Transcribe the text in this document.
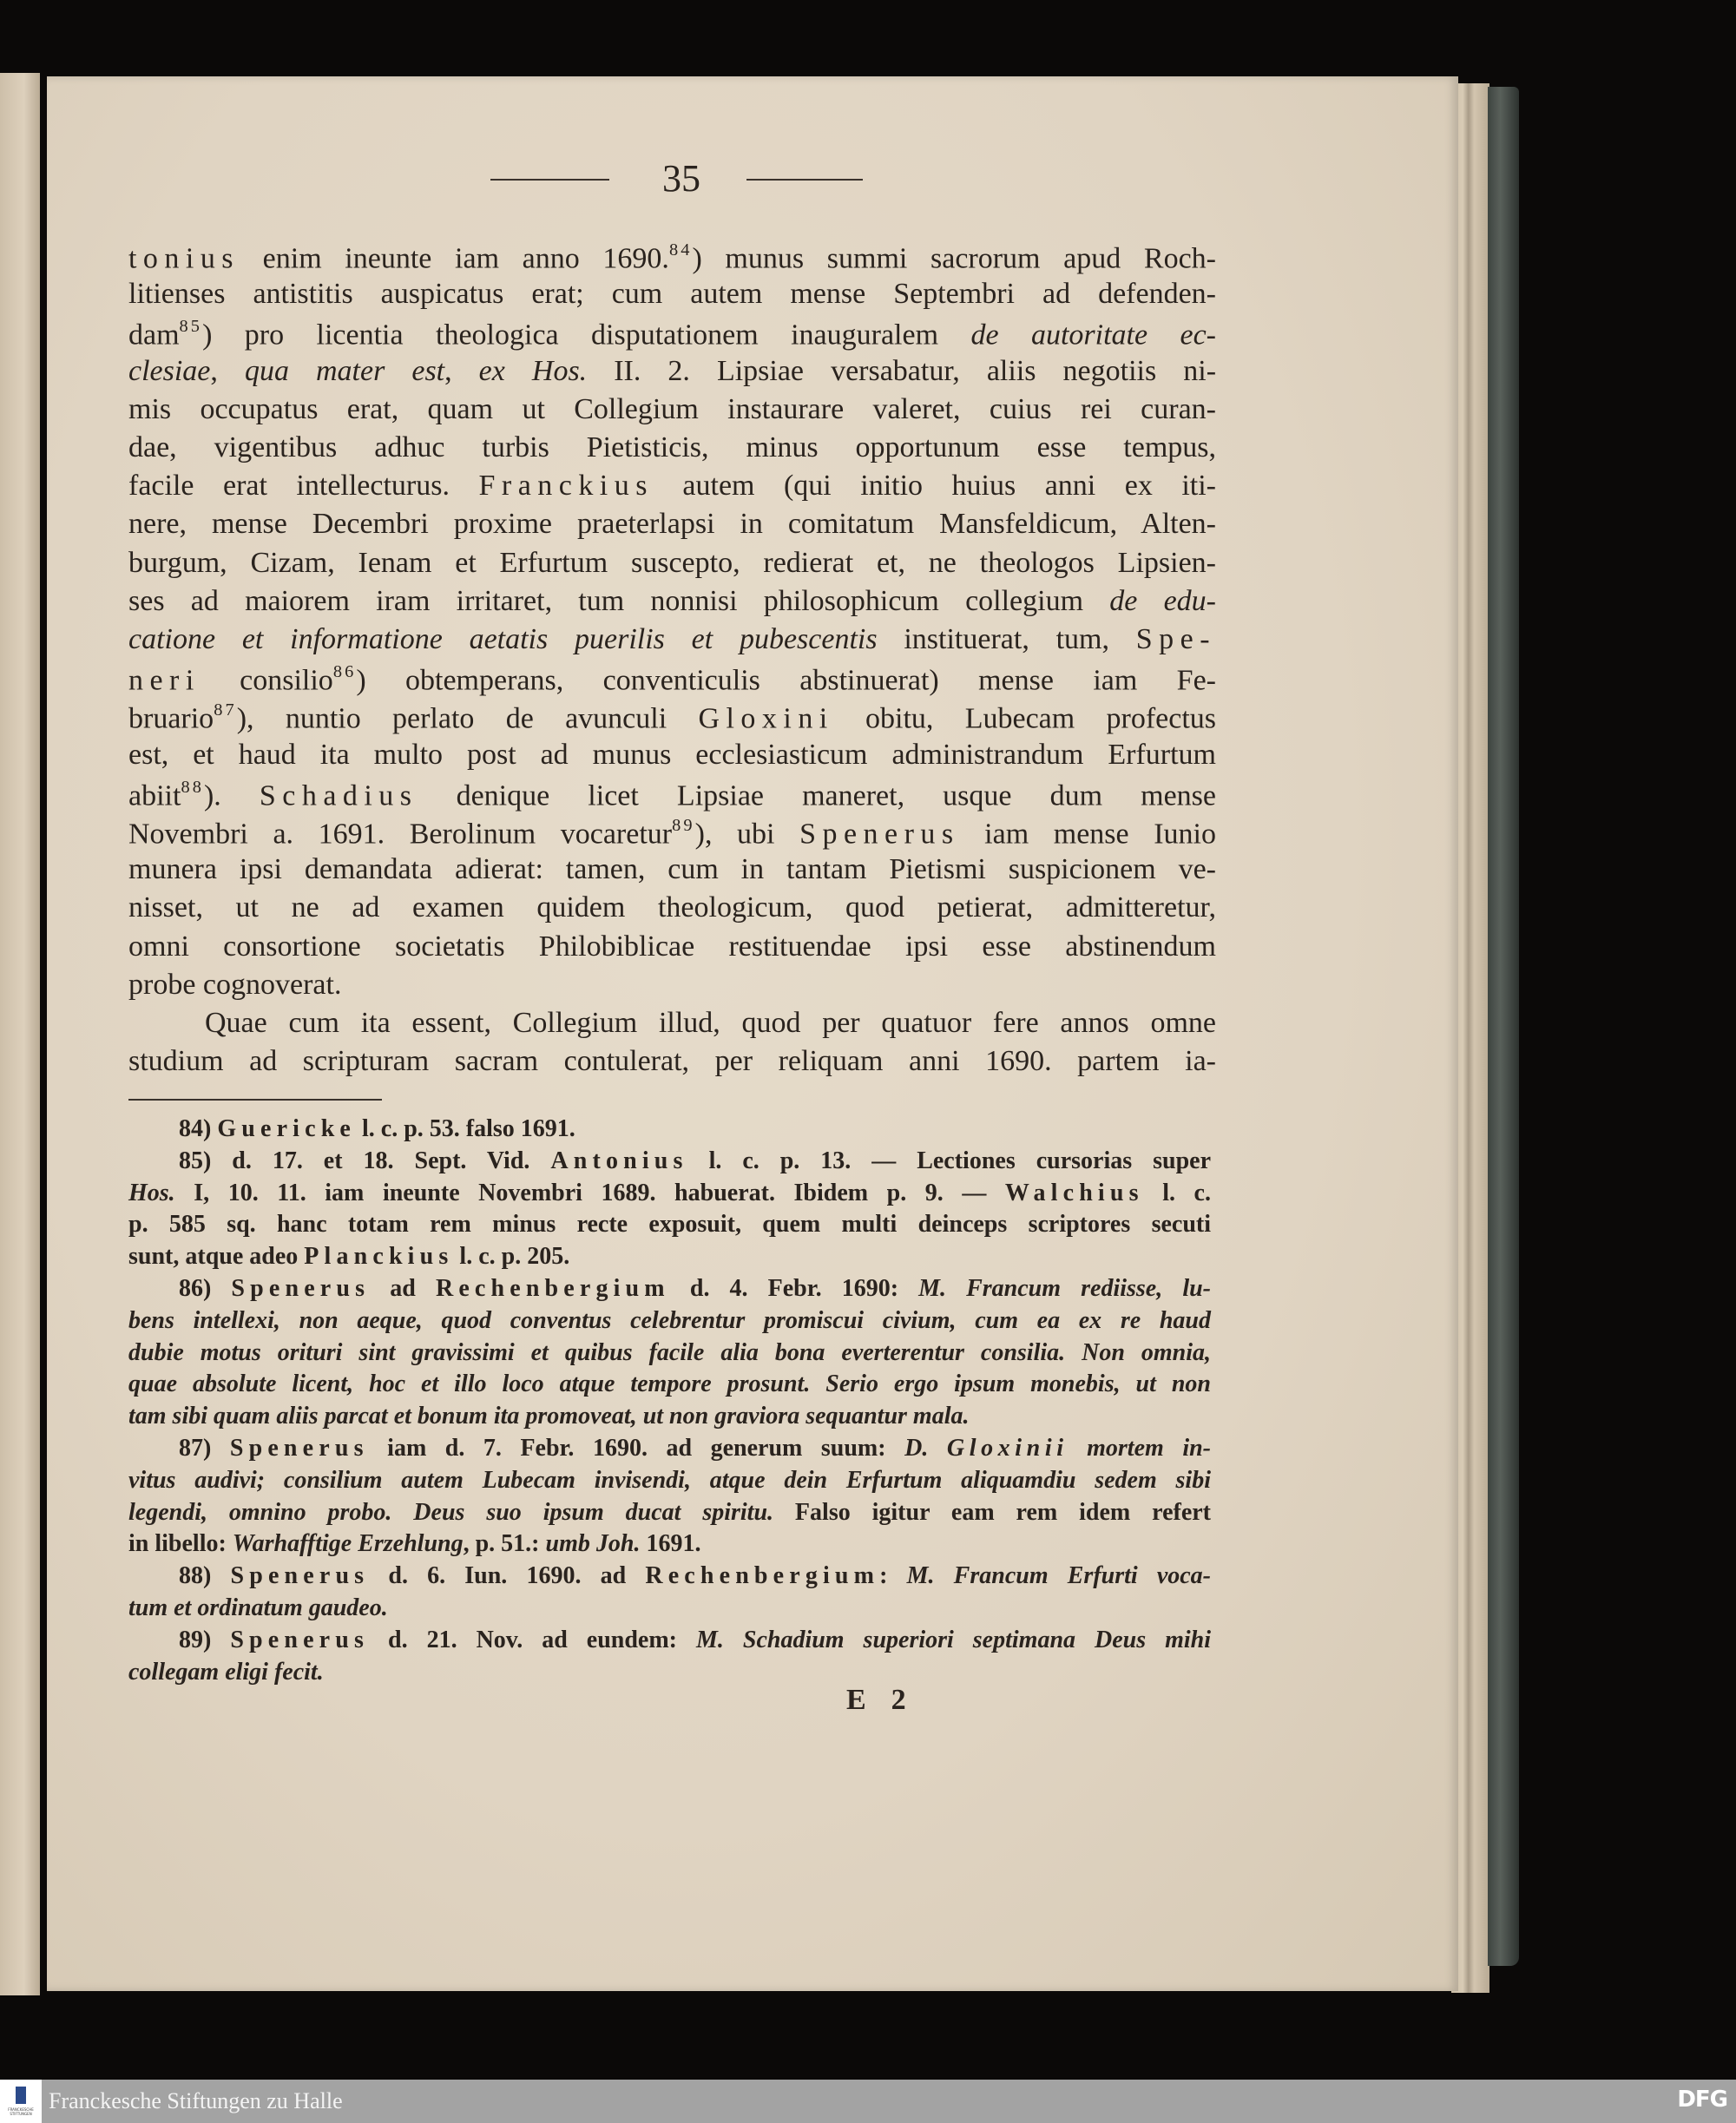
35
tonius enim ineunte iam anno 1690.84) munus summi sacrorum apud Roch-
litienses antistitis auspicatus erat; cum autem mense Septembri ad defenden-
dam$^{85}$) pro licentia theologica disputationem inauguralem de autoritate ec-
clesiae, qua mater est, ex Hos. II. 2. Lipsiae versabatur, aliis negotiis ni-
mis occupatus erat, quam ut Collegium instaurare valeret, cuius rei curan-
dae, vigentibus adhuc turbis Pietisticis, minus opportunum esse tempus,
facile erat intellecturus. Franckius autem (qui initio huius anni ex iti-
nere, mense Decembri proxime praeterlapsi in comitatum Mansfeldicum, Alten-
burgum, Cizam, Ienam et Erfurtum suscepto, redierat et, ne theologos Lipsien-
ses ad maiorem iram irritaret, tum nonnisi philosophicum collegium de edu-
catione et informatione aetatis puerilis et pubescentis instituerat, tum, Spe-
neri consilio$^{86}$) obtemperans, conventiculis abstinuerat) mense iam Fe-
bruario$^{87}$), nuntio perlato de avunculi Gloxini obitu, Lubecam profectus
est, et haud ita multo post ad munus ecclesiasticum administrandum Erfurtum
abiit$^{88}$). Schadius denique licet Lipsiae maneret, usque dum mense
Novembri a. 1691. Berolinum vocaretur$^{89}$), ubi Spenerus iam mense Iunio
munera ipsi demandata adierat: tamen, cum in tantam Pietismi suspicionem ve-
nisset, ut ne ad examen quidem theologicum, quod petierat, admitteretur,
omni consortione societatis Philobiblicae restituendae ipsi esse abstinendum
probe cognoverat.
Quae cum ita essent, Collegium illud, quod per quatuor fere annos omne
studium ad scripturam sacram contulerat, per reliquam anni 1690. partem ia-
84) Guericke l. c. p. 53. falso 1691.
85) d. 17. et 18. Sept. Vid. Antonius l. c. p. 13. — Lectiones cursorias super
Hos. I, 10. 11. iam ineunte Novembri 1689. habuerat. Ibidem p. 9. — Walchius l. c.
p. 585 sq. hanc totam rem minus recte exposuit, quem multi deinceps scriptores secuti
sunt, atque adeo Planckius l. c. p. 205.
86) Spenerus ad Rechenbergium d. 4. Febr. 1690: M. Francum rediisse, lu-
bens intellexi, non aeque, quod conventus celebrentur promiscui civium, cum ea ex re haud
dubie motus orituri sint gravissimi et quibus facile alia bona everterentur consilia. Non omnia,
quae absolute licent, hoc et illo loco atque tempore prosunt. Serio ergo ipsum monebis, ut non
tam sibi quam aliis parcat et bonum ita promoveat, ut non graviora sequantur mala.
87) Spenerus iam d. 7. Febr. 1690. ad generum suum: D. Gloxinii mortem in-
vitus audivi; consilium autem Lubecam invisendi, atque dein Erfurtum aliquamdiu sedem sibi
legendi, omnino probo. Deus suo ipsum ducat spiritu. Falso igitur eam rem idem refert
in libello: Warhafftige Erzehlung, p. 51.: umb Joh. 1691.
88) Spenerus d. 6. Iun. 1690. ad Rechenbergium: M. Francum Erfurti voca-
tum et ordinatum gaudeo.
89) Spenerus d. 21. Nov. ad eundem: M. Schadium superiori septimana Deus mihi
collegam eligi fecit.
E 2
FRANCKESCHE STIFTUNGEN
Franckesche Stiftungen zu Halle	DFG
